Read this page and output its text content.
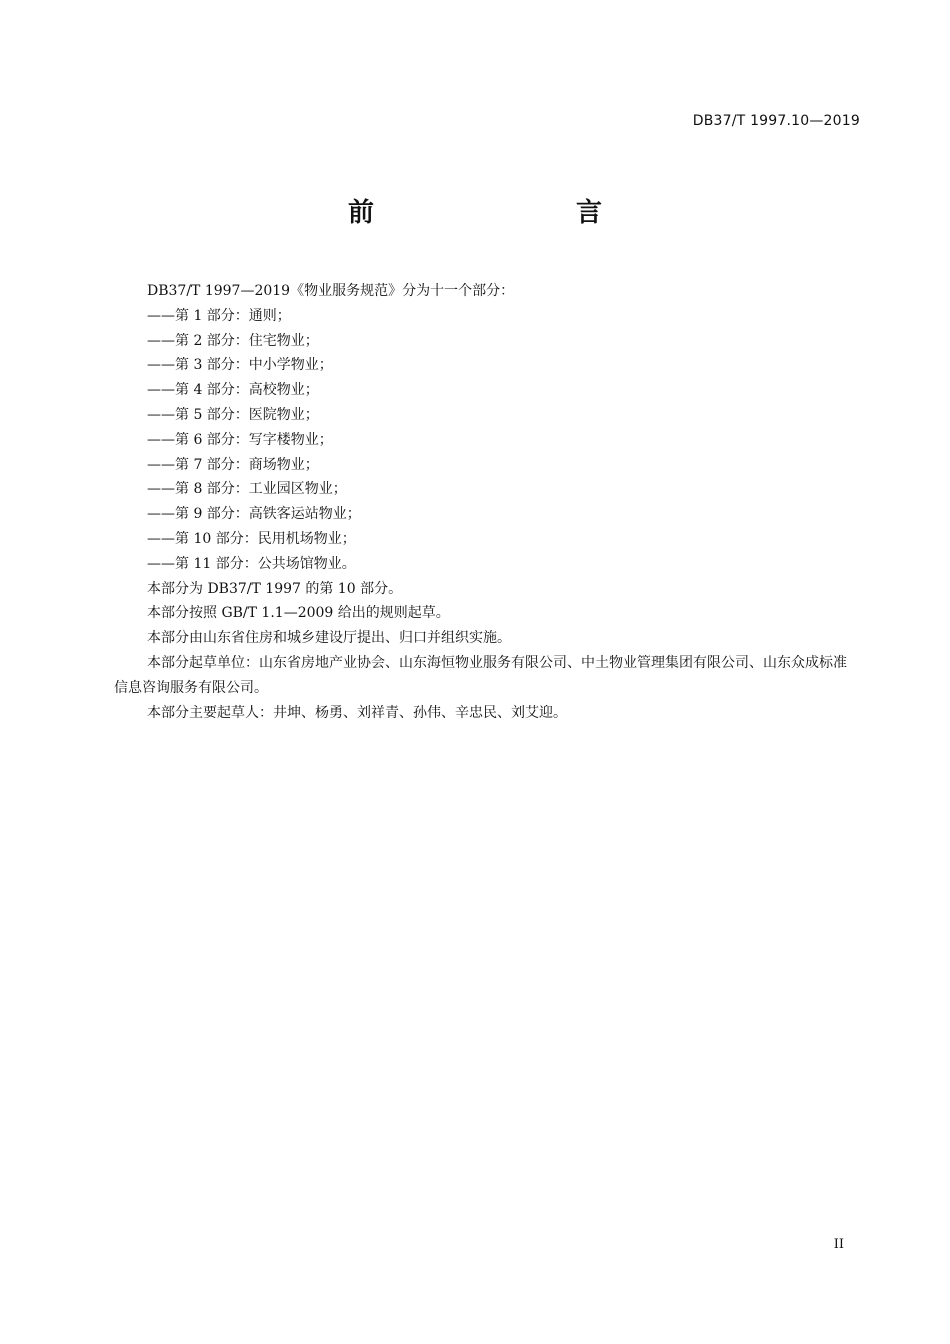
DB37/T 1997.10—2019
前　　言

DB37/T 1997—2019《物业服务规范》分为十一个部分：

——第 1 部分：通则；
——第 2 部分：住宅物业；
——第 3 部分：中小学物业；
——第 4 部分：高校物业；
——第 5 部分：医院物业；
——第 6 部分：写字楼物业；
——第 7 部分：商场物业；
——第 8 部分：工业园区物业；
——第 9 部分：高铁客运站物业；
——第 10 部分：民用机场物业；
——第 11 部分：公共场馆物业。

本部分为 DB37/T 1997 的第 10 部分。

本部分按照 GB/T 1.1—2009 给出的规则起草。

本部分由山东省住房和城乡建设厅提出、归口并组织实施。

本部分起草单位：山东省房地产业协会、山东海恒物业服务有限公司、中土物业管理集团有限公司、山东众成标准信息咨询服务有限公司。

本部分主要起草人：井坤、杨勇、刘祥青、孙伟、辛忠民、刘艾迎。

II
